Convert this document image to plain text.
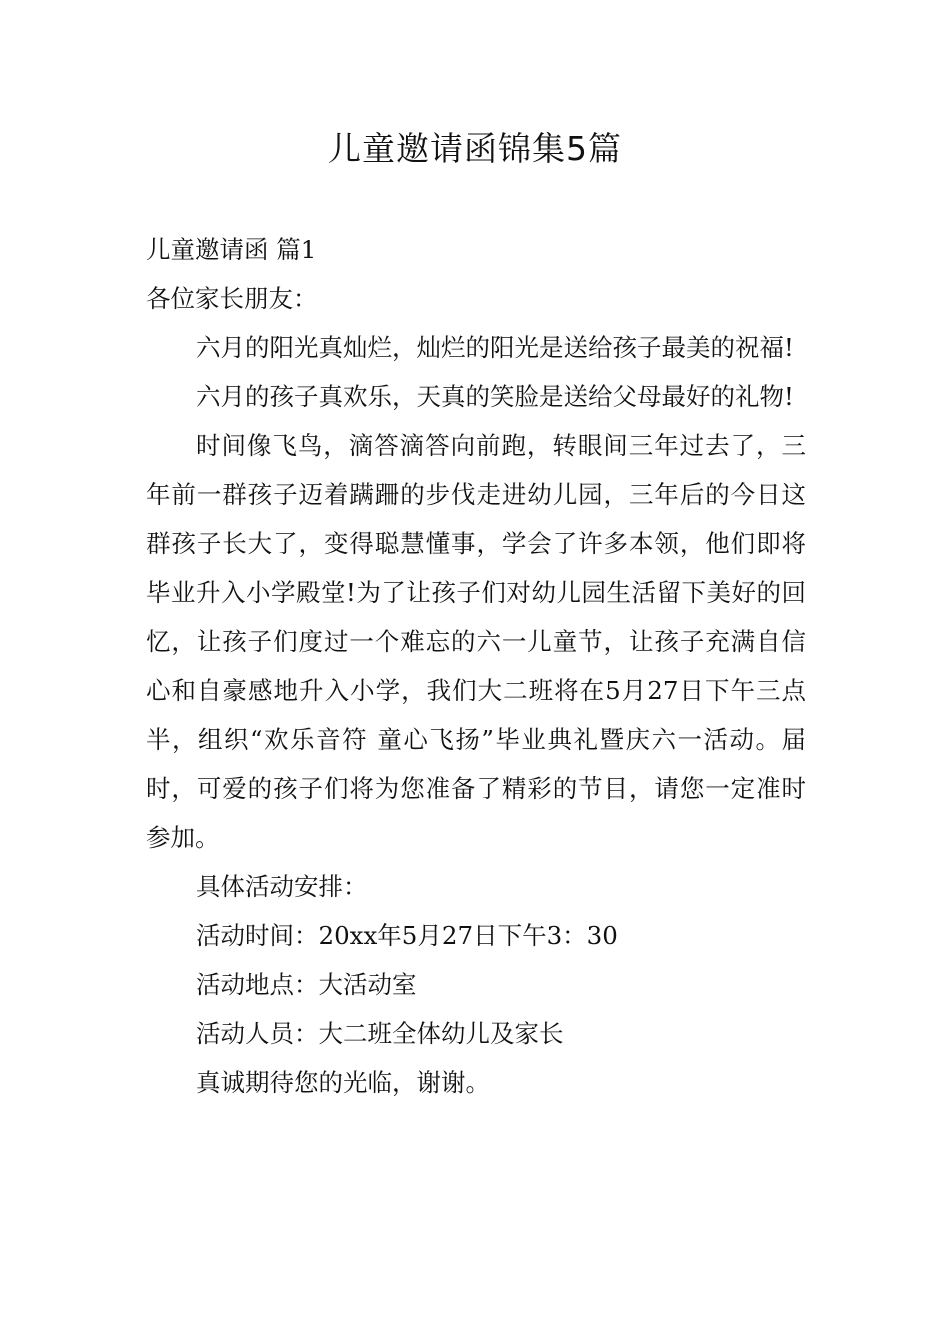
儿童邀请函锦集5篇

儿童邀请函 篇1

各位家长朋友：

六月的阳光真灿烂，灿烂的阳光是送给孩子最美的祝福!

六月的孩子真欢乐，天真的笑脸是送给父母最好的礼物!

时间像飞鸟，滴答滴答向前跑，转眼间三年过去了，三年前一群孩子迈着蹒跚的步伐走进幼儿园，三年后的今日这群孩子长大了，变得聪慧懂事，学会了许多本领，他们即将毕业升入小学殿堂!为了让孩子们对幼儿园生活留下美好的回忆，让孩子们度过一个难忘的六一儿童节，让孩子充满自信心和自豪感地升入小学，我们大二班将在5月27日下午三点半，组织“欢乐音符 童心飞扬”毕业典礼暨庆六一活动。届时，可爱的孩子们将为您准备了精彩的节目，请您一定准时参加。

具体活动安排：

活动时间：20xx年5月27日下午3：30

活动地点：大活动室

活动人员：大二班全体幼儿及家长

真诚期待您的光临，谢谢。
